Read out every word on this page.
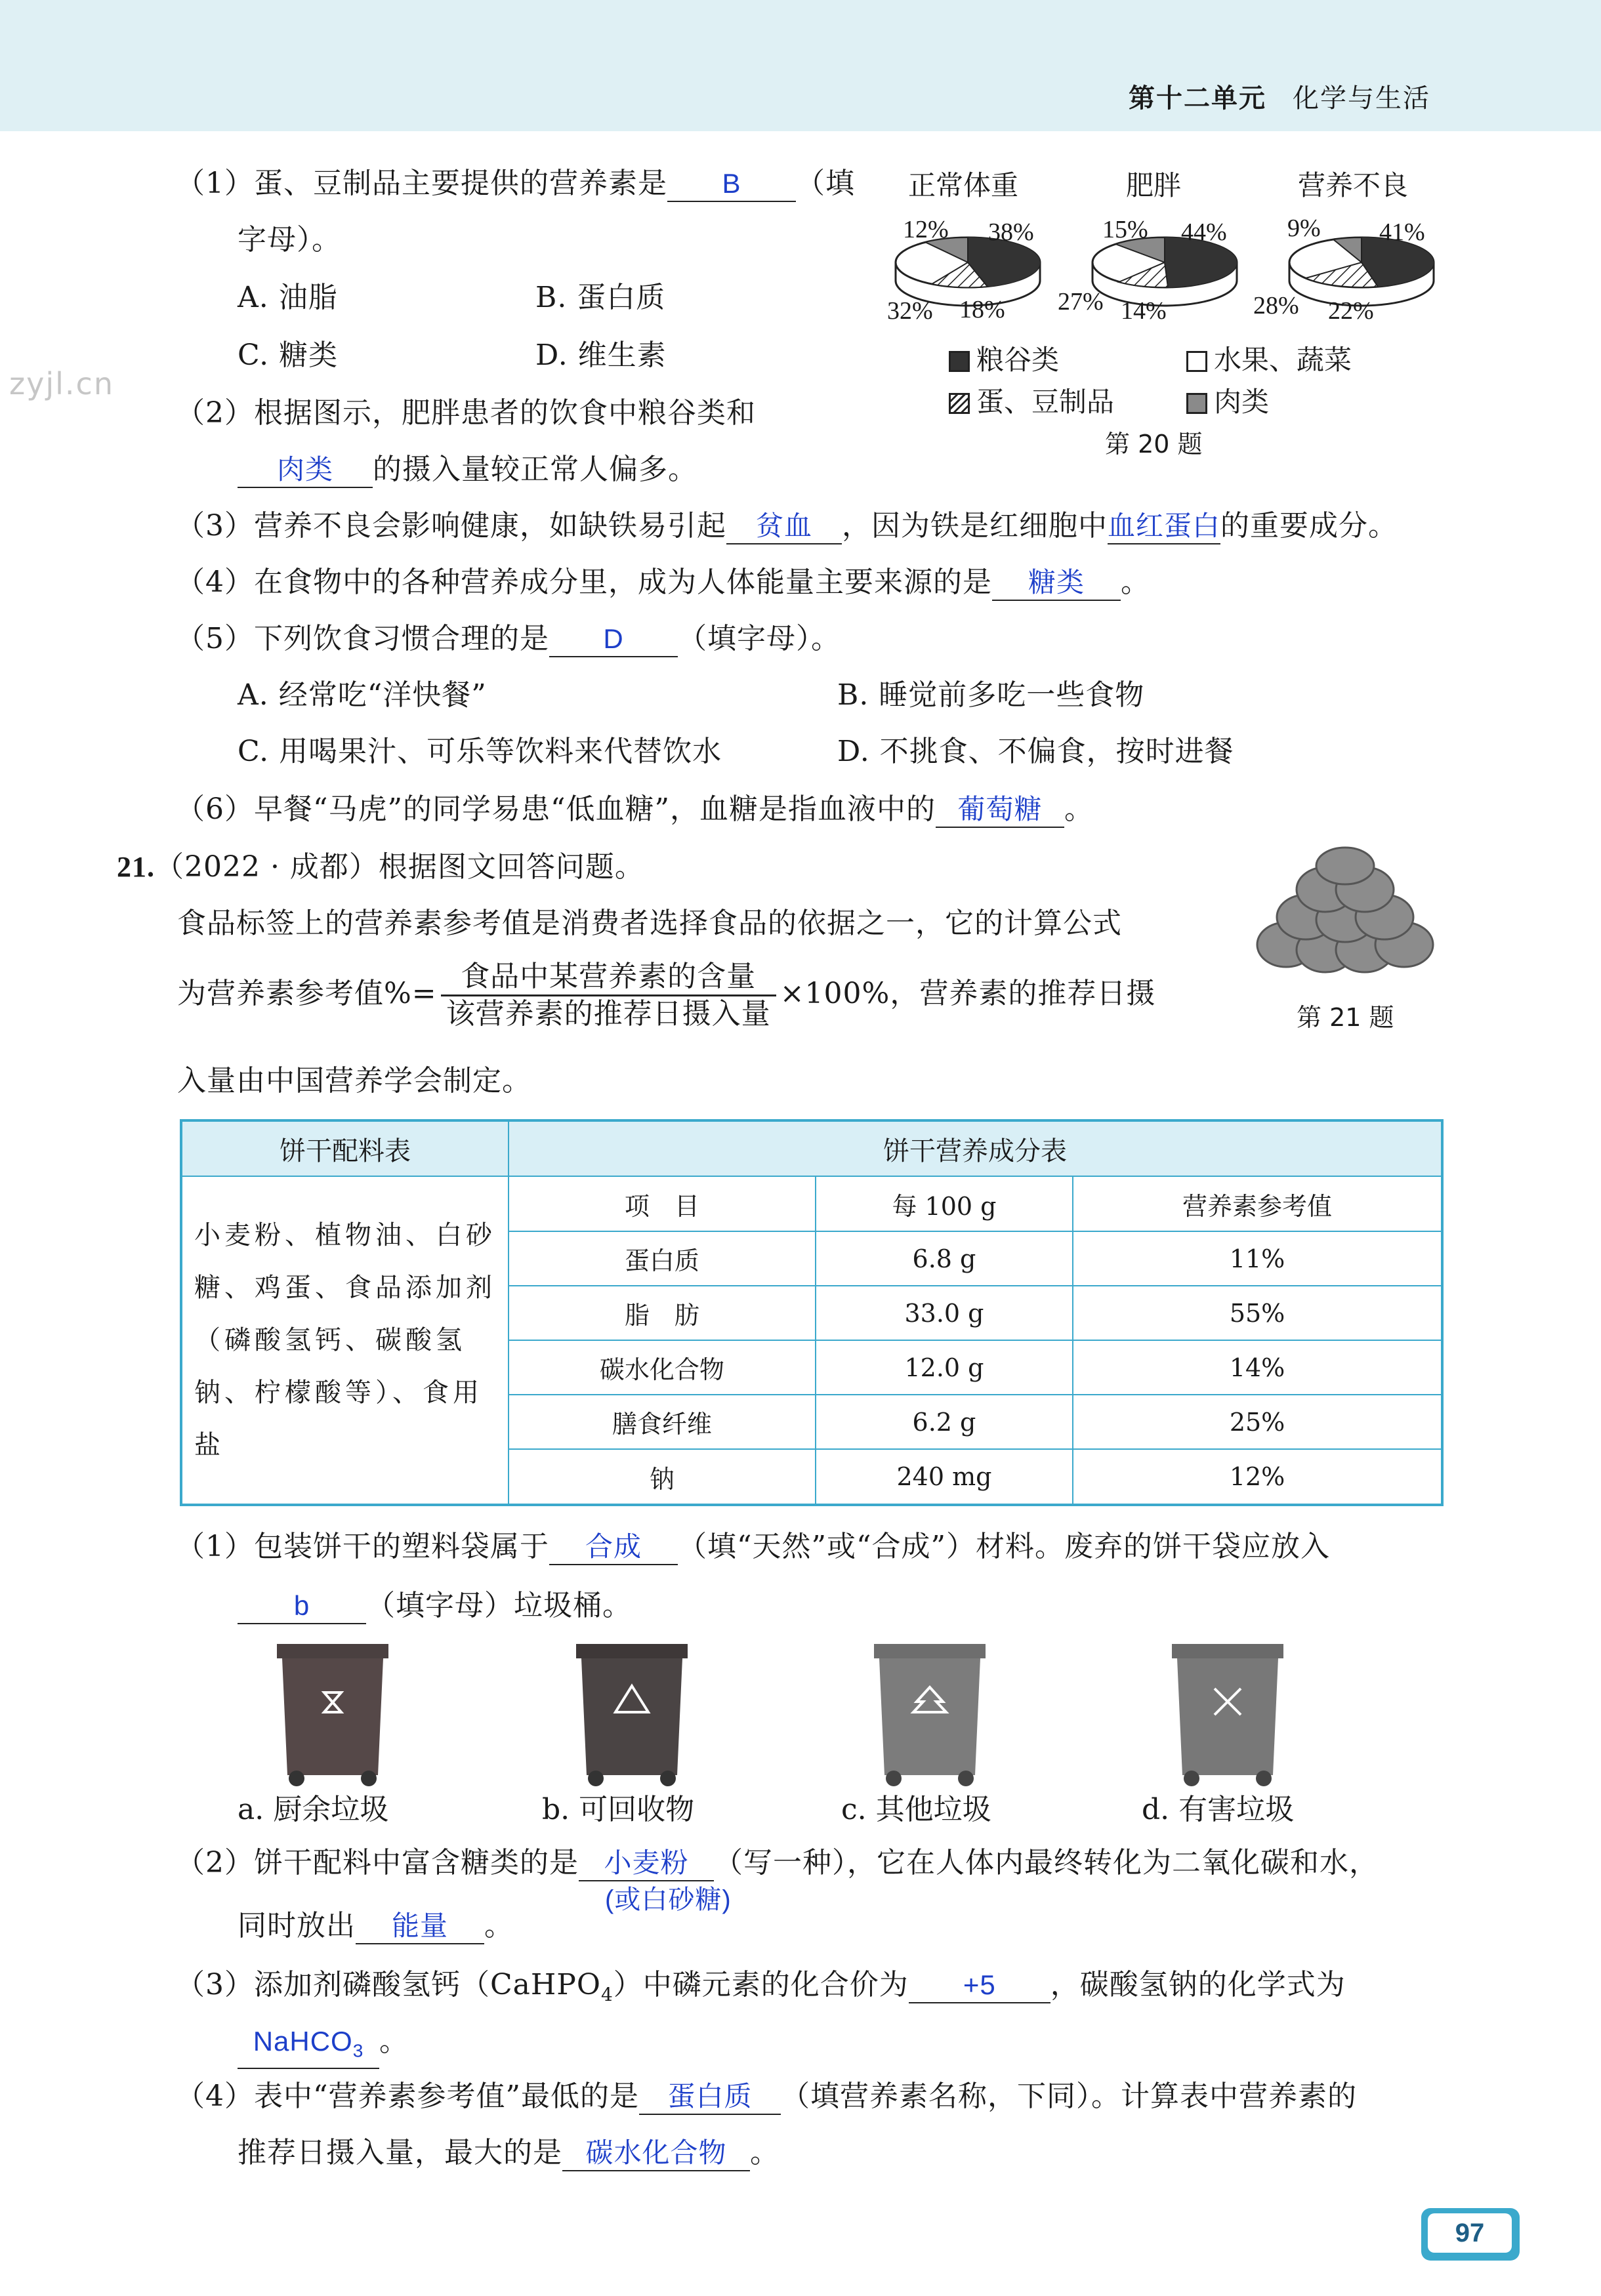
第十二单元 化学与生活
zyjl.cn
（1）蛋、豆制品主要提供的营养素是 B （填
字母）。
A. 油脂	B. 蛋白质
C. 糖类	D. 维生素
（2）根据图示，肥胖患者的饮食中粮谷类和
肉类 的摄入量较正常人偏多。
（3）营养不良会影响健康，如缺铁易引起 贫血 ，因为铁是红细胞中血红蛋白的重要成分。
（4）在食物中的各种营养成分里，成为人体能量主要来源的是 糖类 。
（5）下列饮食习惯合理的是 D （填字母）。
A. 经常吃“洋快餐”	B. 睡觉前多吃一些食物
C. 用喝果汁、可乐等饮料来代替饮水	D. 不挑食、不偏食，按时进餐
（6）早餐“马虎”的同学易患“低血糖”，血糖是指血液中的 葡萄糖 。
正常体重	肥胖	营养不良
12% 38%
32% 18%
15% 44%
27% 14%
9% 41%
28% 22%
粮谷类	水果、蔬菜
蛋、豆制品	肉类
第 20 题
21.（2022 · 成都）根据图文回答问题。
食品标签上的营养素参考值是消费者选择食品的依据之一，它的计算公式
为营养素参考值%= $\frac{\text{食品中某营养素的含量}}{\text{该营养素的推荐日摄入量}} \times 100\%$，营养素的推荐日摄
入量由中国营养学会制定。
第 21 题
饼干配料表	饼干营养成分表		
小麦粉、植物油、白砂糖、鸡蛋、食品添加剂（磷酸氢钙、碳酸氢钠、柠檬酸等）、食用盐	项　目	每 100 g	营养素参考值
	蛋白质	6.8 g	11%
	脂　肪	33.0 g	55%
	碳水化合物	12.0 g	14%
	膳食纤维	6.2 g	25%
	钠	240 mg	12%
（1）包装饼干的塑料袋属于 合成 （填“天然”或“合成”）材料。废弃的饼干袋应放入
b （填字母）垃圾桶。
a. 厨余垃圾	b. 可回收物	c. 其他垃圾	d. 有害垃圾
（2）饼干配料中富含糖类的是 小麦粉 （写一种），它在人体内最终转化为二氧化碳和水，
(或白砂糖)
同时放出 能量 。
（3）添加剂磷酸氢钙（CaHPO$_4$）中磷元素的化合价为 +5 ，碳酸氢钠的化学式为
NaHCO$_3$ 。
（4）表中“营养素参考值”最低的是 蛋白质 （填营养素名称，下同）。计算表中营养素的
推荐日摄入量，最大的是 碳水化合物 。
97
